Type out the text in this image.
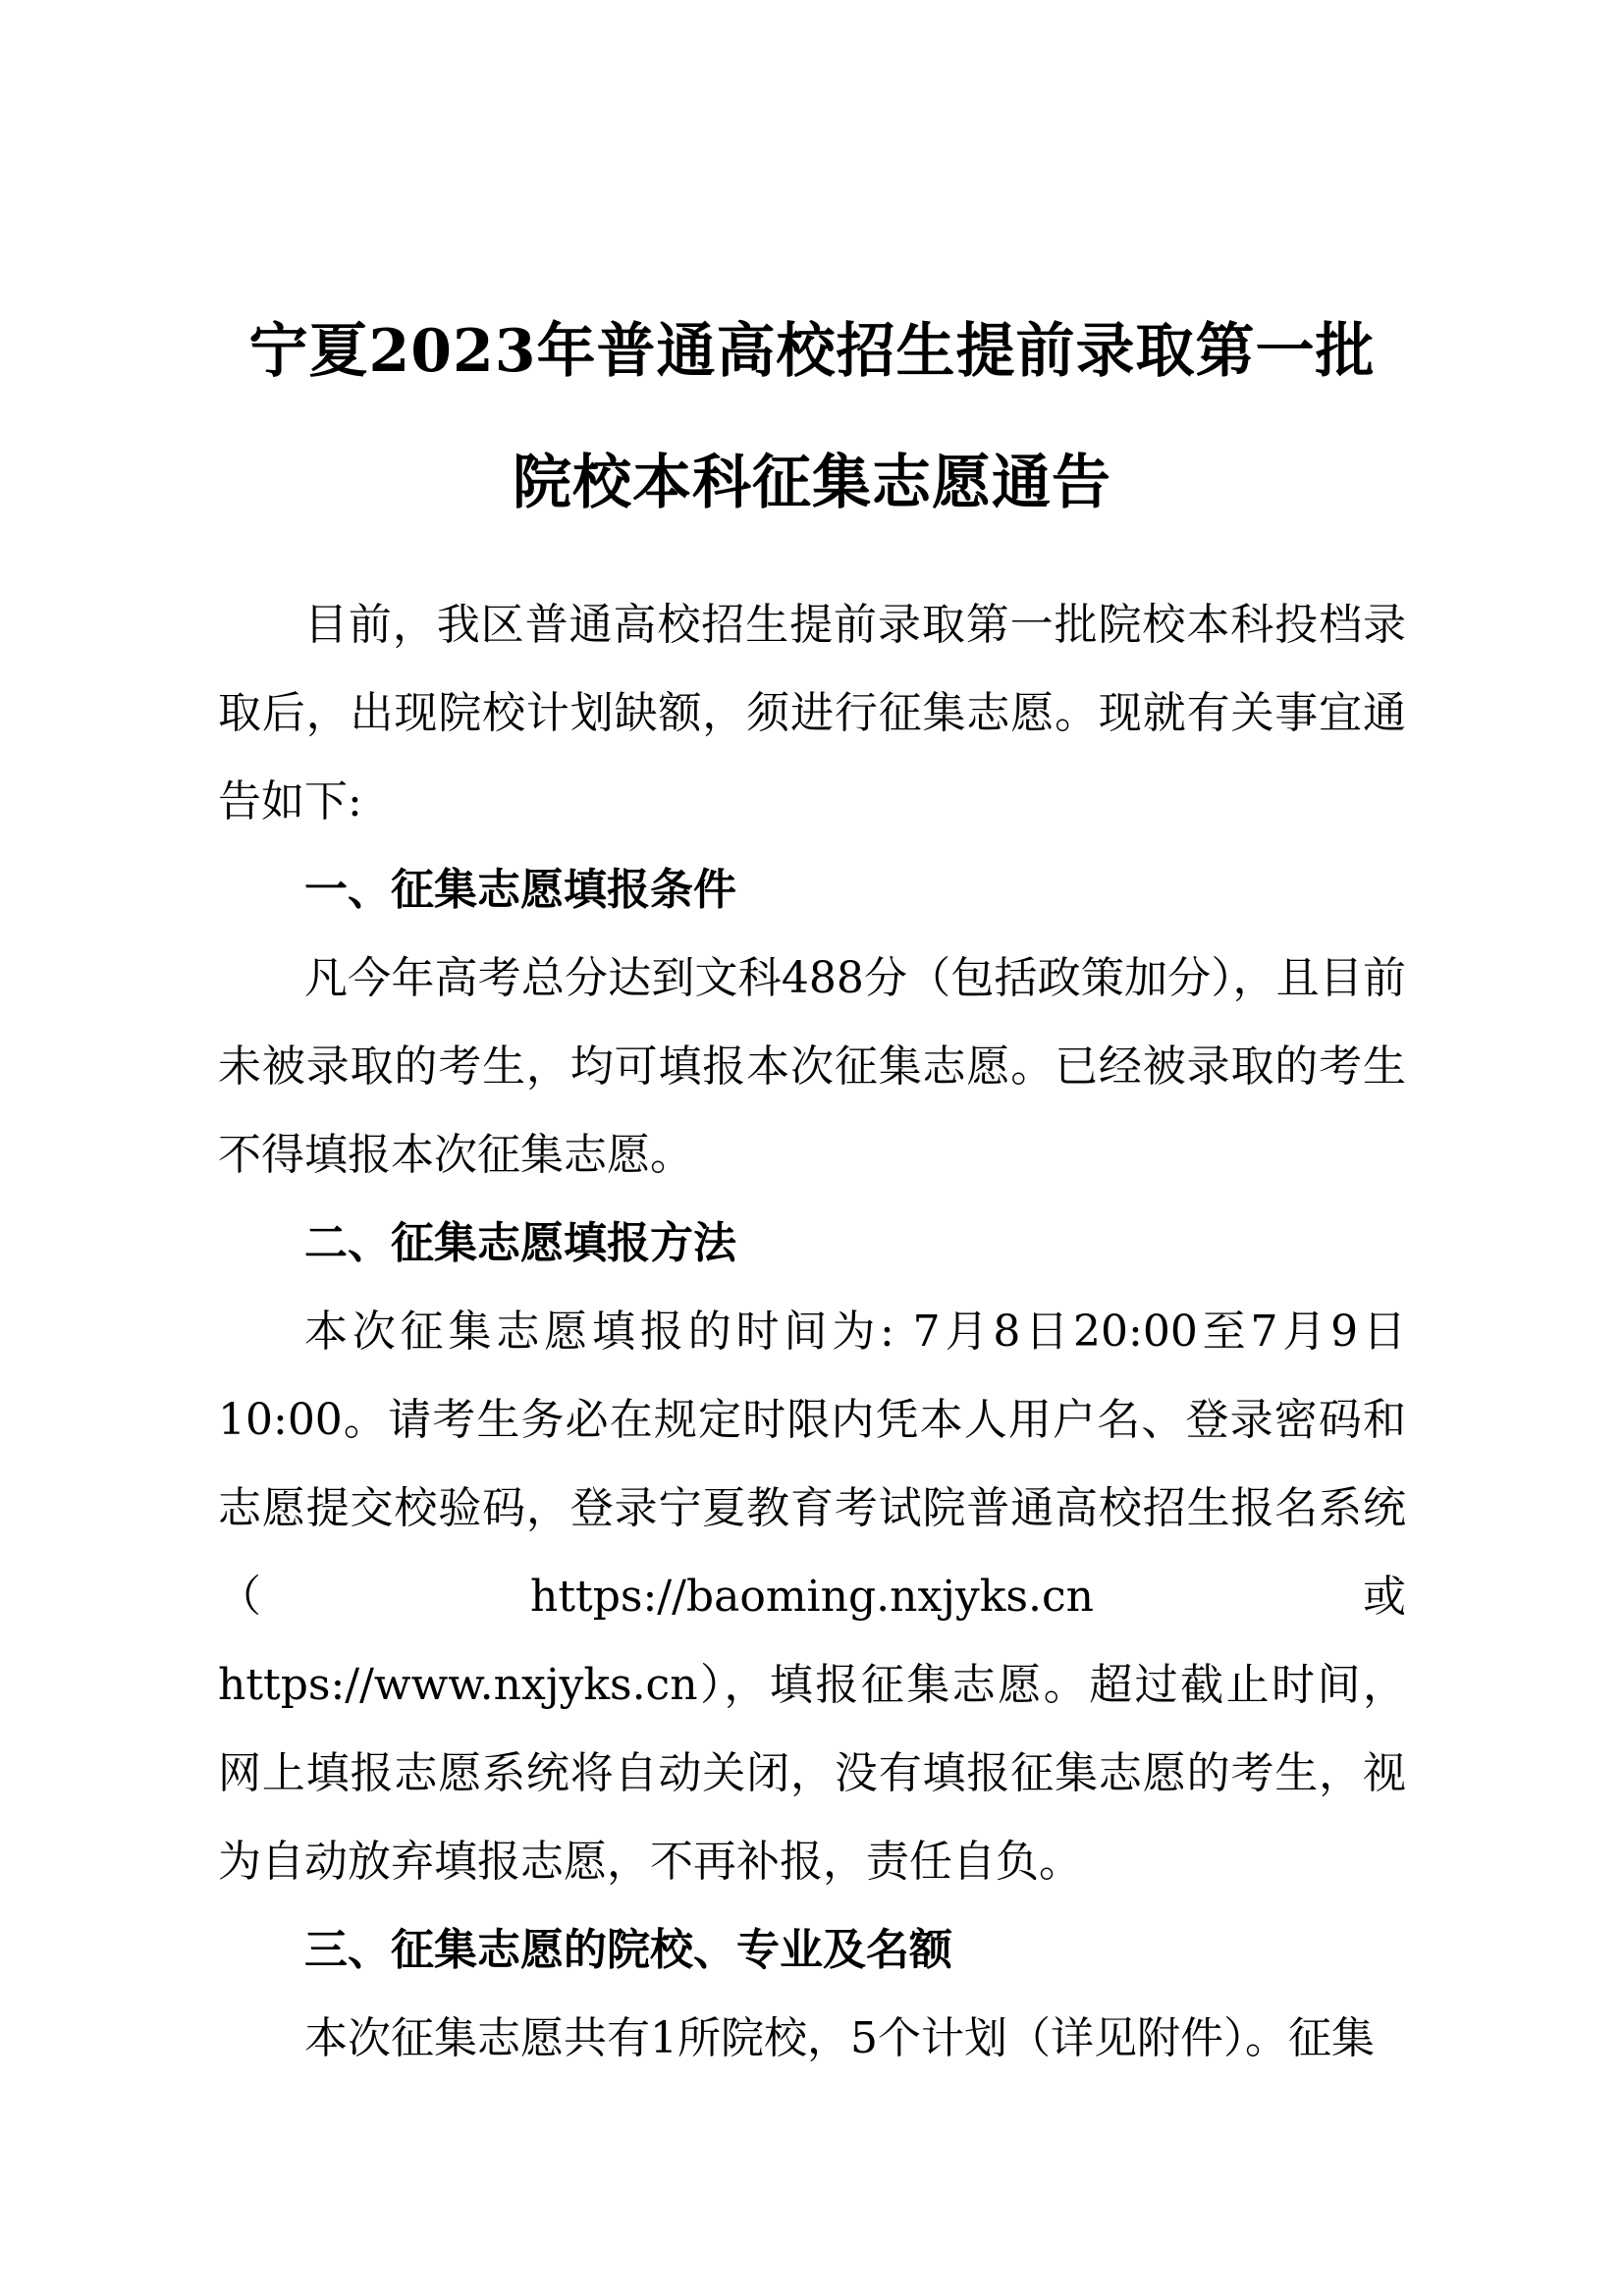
宁夏2023年普通高校招生提前录取第一批
院校本科征集志愿通告

目前，我区普通高校招生提前录取第一批院校本科投档录取后，出现院校计划缺额，须进行征集志愿。现就有关事宜通告如下:

一、征集志愿填报条件

凡今年高考总分达到文科488分（包括政策加分），且目前未被录取的考生，均可填报本次征集志愿。已经被录取的考生不得填报本次征集志愿。

二、征集志愿填报方法

本次征集志愿填报的时间为: 7月8日20:00至7月9日10:00。请考生务必在规定时限内凭本人用户名、登录密码和志愿提交校验码，登录宁夏教育考试院普通高校招生报名系统（https://baoming.nxjyks.cn或https://www.nxjyks.cn），填报征集志愿。超过截止时间，网上填报志愿系统将自动关闭，没有填报征集志愿的考生，视为自动放弃填报志愿，不再补报，责任自负。

三、征集志愿的院校、专业及名额

本次征集志愿共有1所院校，5个计划（详见附件）。征集
